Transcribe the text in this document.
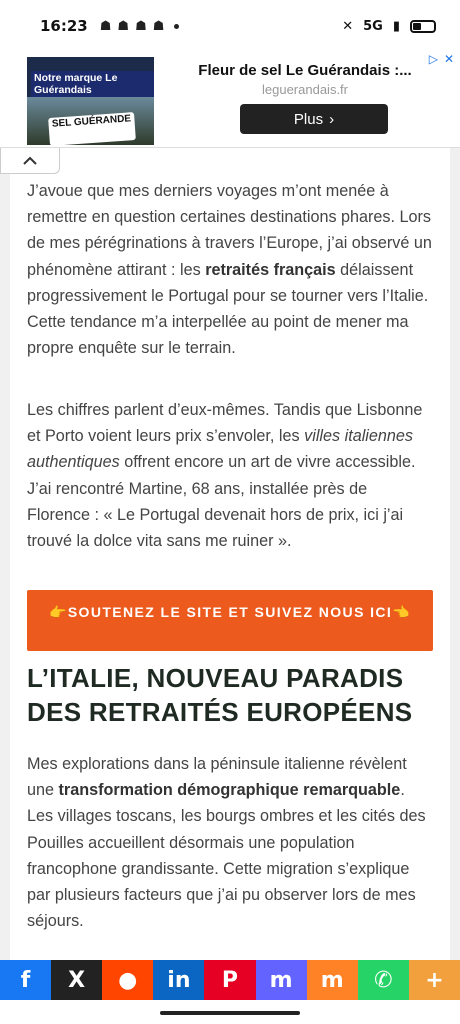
16:23 ☗ ☗ ☗ ☗	✕ 5G ▮
Notre marque Le Guérandais
SEL GUÉRANDE
▷ ✕
Fleur de sel Le Guérandais :...
leguerandais.fr
Plus ›

J’avoue que mes derniers voyages m’ont menée à remettre en question certaines destinations phares. Lors de mes pérégrinations à travers l’Europe, j’ai observé un phénomène attirant : les retraités français délaissent progressivement le Portugal pour se tourner vers l’Italie. Cette tendance m’a interpellée au point de mener ma propre enquête sur le terrain.

Les chiffres parlent d’eux-mêmes. Tandis que Lisbonne et Porto voient leurs prix s’envoler, les villes italiennes authentiques offrent encore un art de vivre accessible. J’ai rencontré Martine, 68 ans, installée près de Florence : « Le Portugal devenait hors de prix, ici j’ai trouvé la dolce vita sans me ruiner ».

👉SOUTENEZ LE SITE ET SUIVEZ NOUS ICI👈
L’ITALIE, NOUVEAU PARADIS DES RETRAITÉS EUROPÉENS

Mes explorations dans la péninsule italienne révèlent une transformation démographique remarquable. Les villages toscans, les bourgs ombres et les cités des Pouilles accueillent désormais une population francophone grandissante. Cette migration s’explique par plusieurs facteurs que j’ai pu observer lors de mes séjours.

f X ● in P m m ✆ +
